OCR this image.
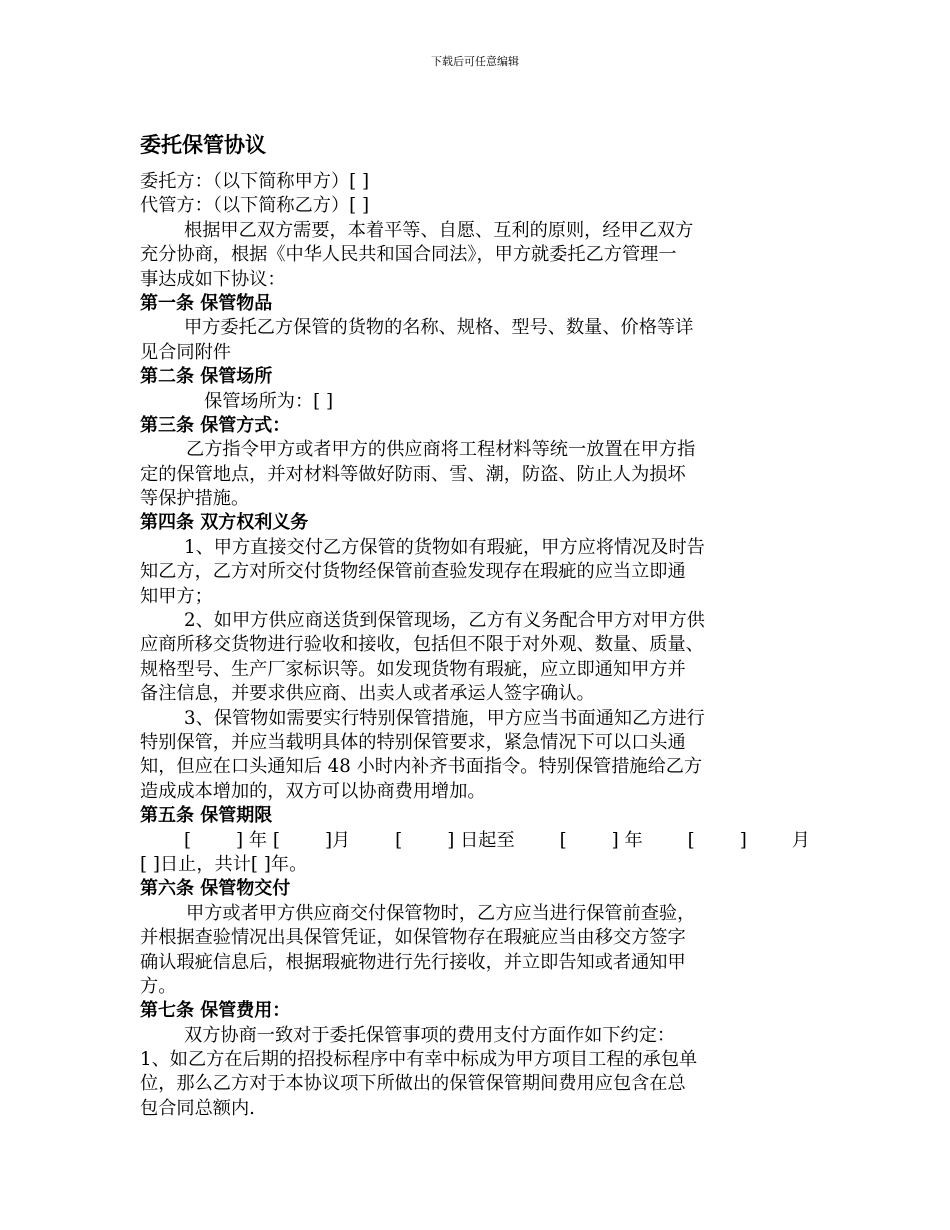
下载后可任意编辑
委托保管协议
委托方：（以下简称甲方）[ ]
代管方：（以下简称乙方）[ ]
根据甲乙双方需要，本着平等、自愿、互利的原则，经甲乙双方
充分协商，根据《中华人民共和国合同法》，甲方就委托乙方管理一
事达成如下协议：
第一条 保管物品
甲方委托乙方保管的货物的名称、规格、型号、数量、价格等详
见合同附件
第二条 保管场所
保管场所为：[ ]
第三条 保管方式：
乙方指令甲方或者甲方的供应商将工程材料等统一放置在甲方指
定的保管地点，并对材料等做好防雨、雪、潮，防盗、防止人为损坏
等保护措施。
第四条 双方权利义务
1、甲方直接交付乙方保管的货物如有瑕疵，甲方应将情况及时告
知乙方，乙方对所交付货物经保管前查验发现存在瑕疵的应当立即通
知甲方；
2、如甲方供应商送货到保管现场，乙方有义务配合甲方对甲方供
应商所移交货物进行验收和接收，包括但不限于对外观、数量、质量、
规格型号、生产厂家标识等。如发现货物有瑕疵，应立即通知甲方并
备注信息，并要求供应商、出卖人或者承运人签字确认。
3、保管物如需要实行特别保管措施，甲方应当书面通知乙方进行
特别保管，并应当载明具体的特别保管要求，紧急情况下可以口头通
知，但应在口头通知后 48 小时内补齐书面指令。特别保管措施给乙方
造成成本增加的，双方可以协商费用增加。
第五条 保管期限
[ ] 年 [ ]月 [ ] 日起至 [ ] 年 [ ] 月
[ ]日止，共计[ ]年。
第六条 保管物交付
甲方或者甲方供应商交付保管物时，乙方应当进行保管前查验，
并根据查验情况出具保管凭证，如保管物存在瑕疵应当由移交方签字
确认瑕疵信息后，根据瑕疵物进行先行接收，并立即告知或者通知甲
方。
第七条 保管费用：
双方协商一致对于委托保管事项的费用支付方面作如下约定：
1、如乙方在后期的招投标程序中有幸中标成为甲方项目工程的承包单
位，那么乙方对于本协议项下所做出的保管保管期间费用应包含在总
包合同总额内.
